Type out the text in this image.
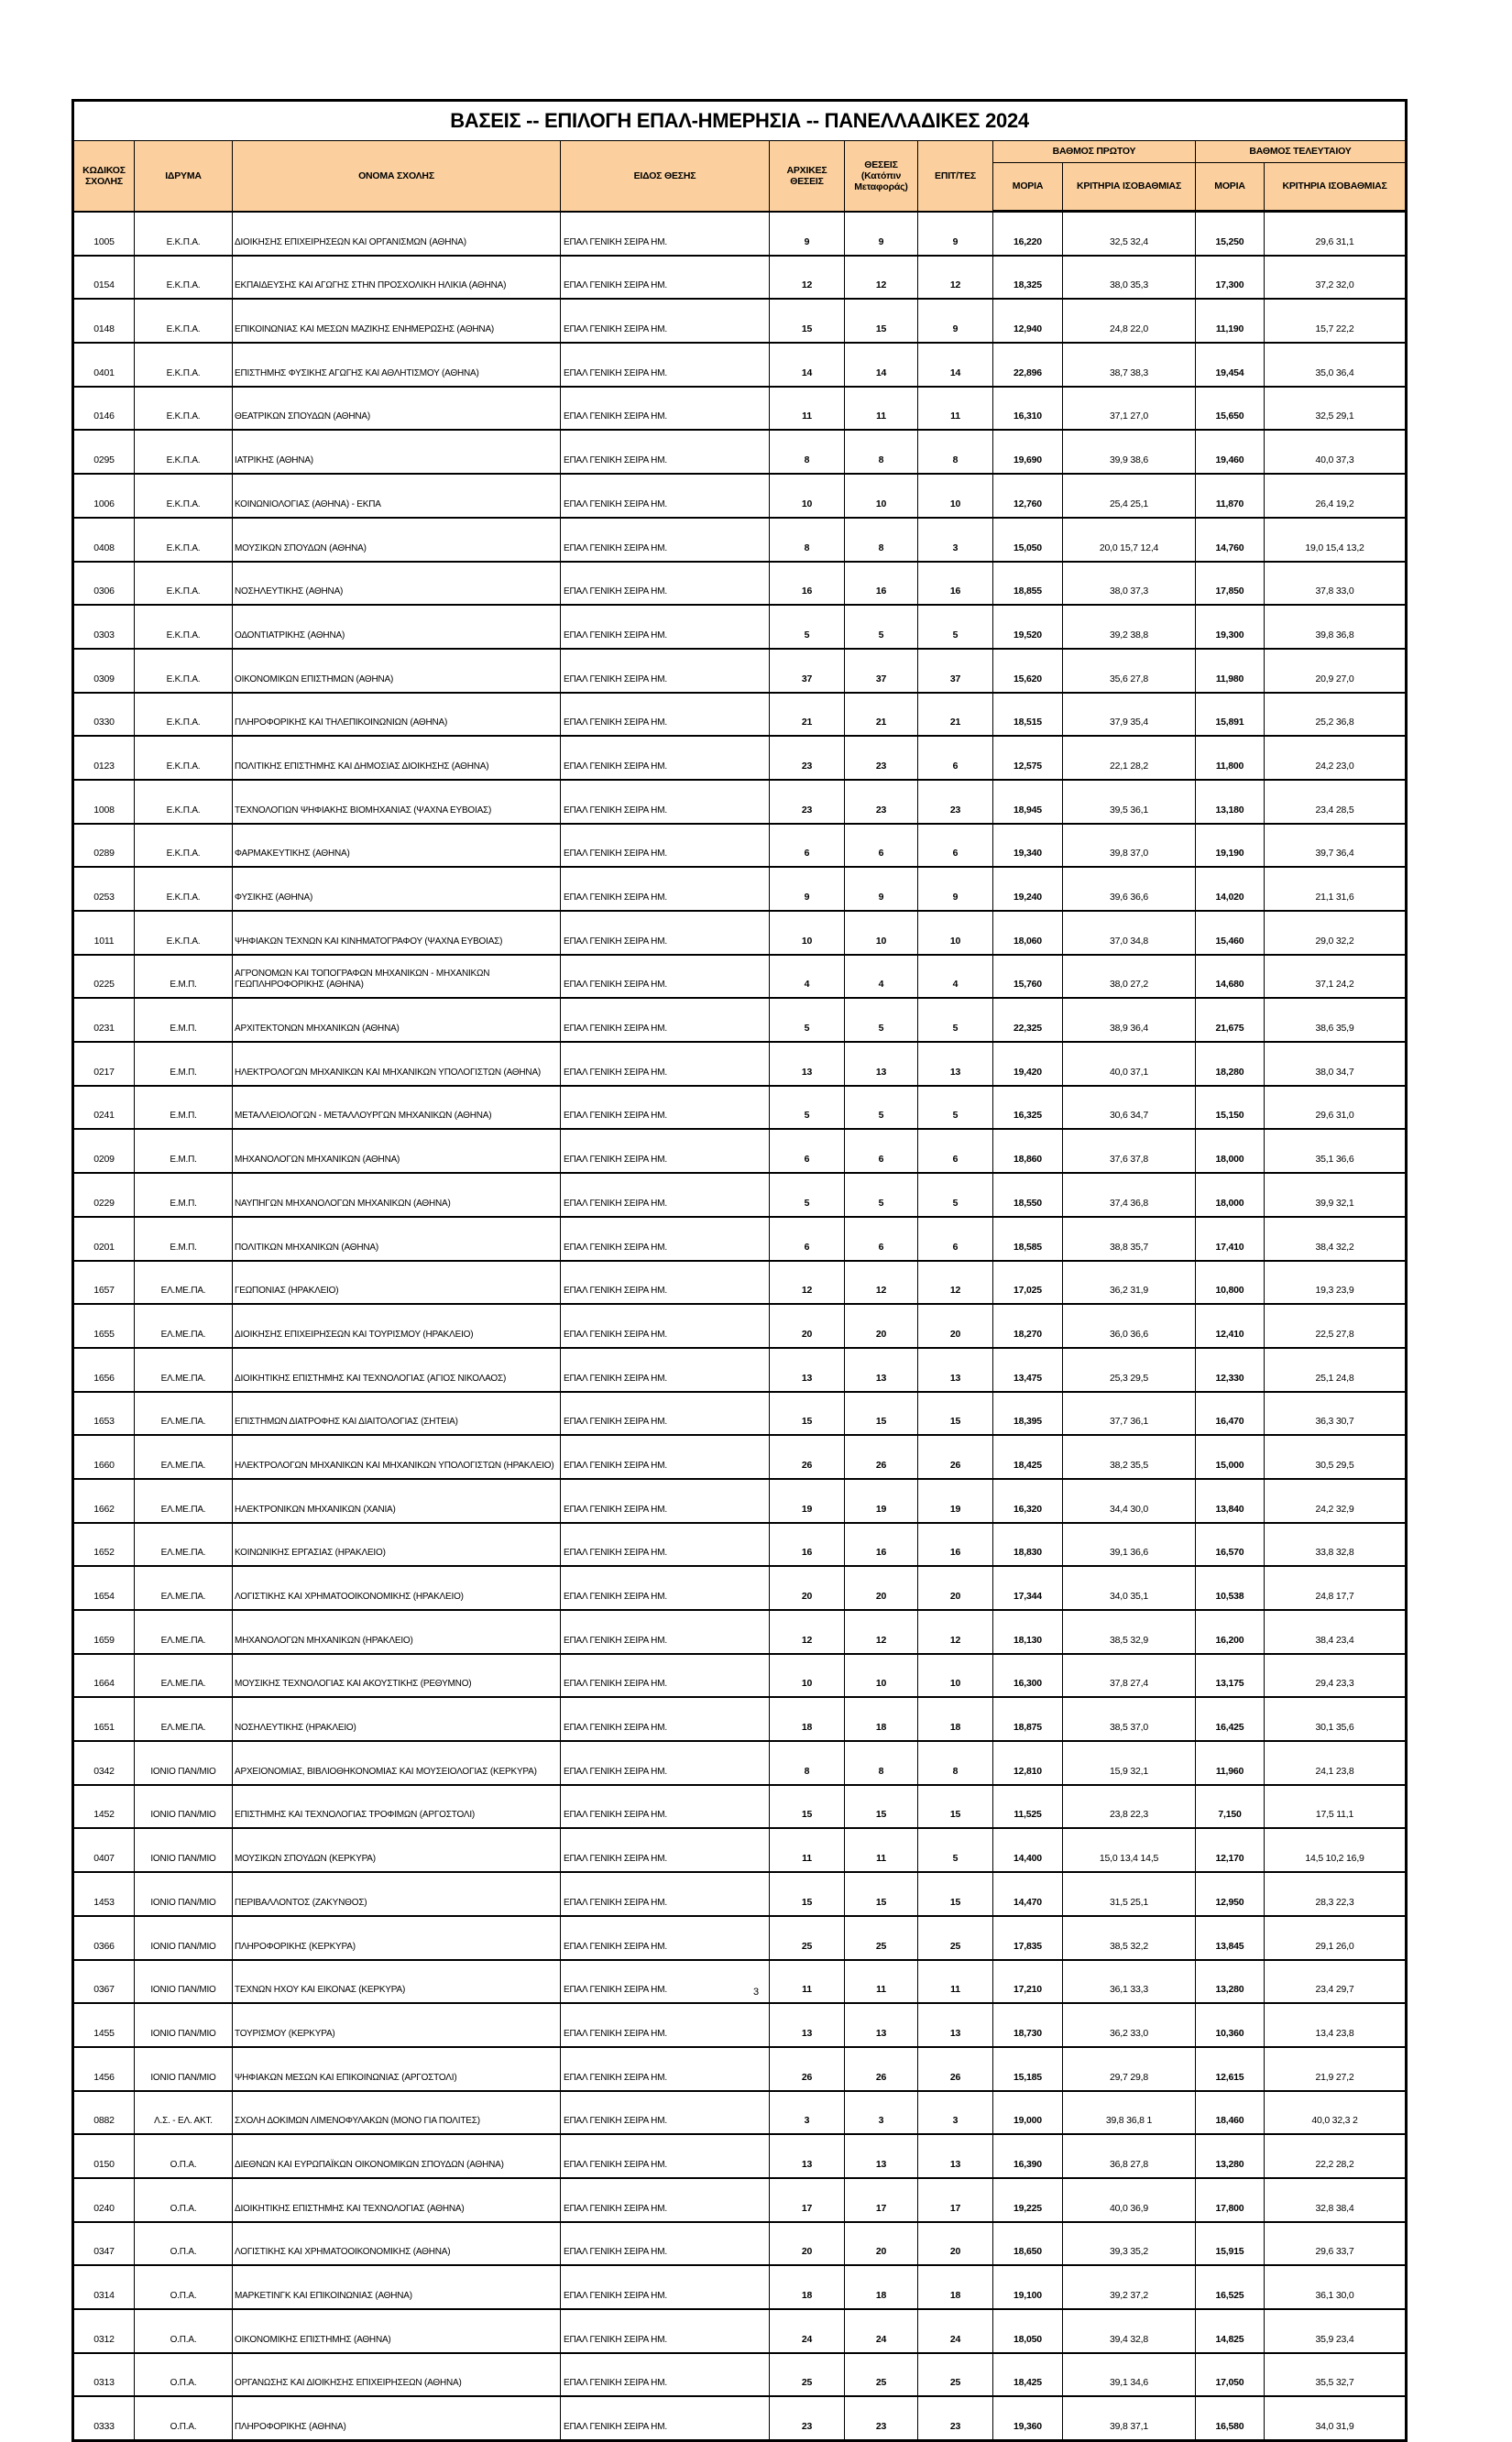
ΒΑΣΕΙΣ -- ΕΠΙΛΟΓΗ ΕΠΑΛ-ΗΜΕΡΗΣΙΑ -- ΠΑΝΕΛΛΑΔΙΚΕΣ 2024										
ΚΩΔΙΚΟΣ ΣΧΟΛΗΣ	ΙΔΡΥΜΑ	ΟΝΟΜΑ ΣΧΟΛΗΣ	ΕΙΔΟΣ ΘΕΣΗΣ	ΑΡΧΙΚΕΣ ΘΕΣΕΙΣ	ΘΕΣΕΙΣ (Κατόπιν Μεταφοράς)	ΕΠΙΤ/ΤΕΣ	ΒΑΘΜΟΣ ΠΡΩΤΟΥ		ΒΑΘΜΟΣ ΤΕΛΕΥΤΑΙΟΥ	
							ΜΟΡΙΑ	ΚΡΙΤΗΡΙΑ ΙΣΟΒΑΘΜΙΑΣ	ΜΟΡΙΑ	ΚΡΙΤΗΡΙΑ ΙΣΟΒΑΘΜΙΑΣ
1005	Ε.Κ.Π.Α.	ΔΙΟΙΚΗΣΗΣ ΕΠΙΧΕΙΡΗΣΕΩΝ ΚΑΙ ΟΡΓΑΝΙΣΜΩΝ (ΑΘΗΝΑ)	ΕΠΑΛ ΓΕΝΙΚΗ ΣΕΙΡΑ ΗΜ.	9	9	9	16,220	32,5 32,4	15,250	29,6 31,1
0154	Ε.Κ.Π.Α.	ΕΚΠΑΙΔΕΥΣΗΣ ΚΑΙ ΑΓΩΓΗΣ ΣΤΗΝ ΠΡΟΣΧΟΛΙΚΗ ΗΛΙΚΙΑ (ΑΘΗΝΑ)	ΕΠΑΛ ΓΕΝΙΚΗ ΣΕΙΡΑ ΗΜ.	12	12	12	18,325	38,0 35,3	17,300	37,2 32,0
0148	Ε.Κ.Π.Α.	ΕΠΙΚΟΙΝΩΝΙΑΣ ΚΑΙ ΜΕΣΩΝ ΜΑΖΙΚΗΣ ΕΝΗΜΕΡΩΣΗΣ (ΑΘΗΝΑ)	ΕΠΑΛ ΓΕΝΙΚΗ ΣΕΙΡΑ ΗΜ.	15	15	9	12,940	24,8 22,0	11,190	15,7 22,2
0401	Ε.Κ.Π.Α.	ΕΠΙΣΤΗΜΗΣ ΦΥΣΙΚΗΣ ΑΓΩΓΗΣ ΚΑΙ ΑΘΛΗΤΙΣΜΟΥ (ΑΘΗΝΑ)	ΕΠΑΛ ΓΕΝΙΚΗ ΣΕΙΡΑ ΗΜ.	14	14	14	22,896	38,7 38,3	19,454	35,0 36,4
0146	Ε.Κ.Π.Α.	ΘΕΑΤΡΙΚΩΝ ΣΠΟΥΔΩΝ (ΑΘΗΝΑ)	ΕΠΑΛ ΓΕΝΙΚΗ ΣΕΙΡΑ ΗΜ.	11	11	11	16,310	37,1 27,0	15,650	32,5 29,1
0295	Ε.Κ.Π.Α.	ΙΑΤΡΙΚΗΣ (ΑΘΗΝΑ)	ΕΠΑΛ ΓΕΝΙΚΗ ΣΕΙΡΑ ΗΜ.	8	8	8	19,690	39,9 38,6	19,460	40,0 37,3
1006	Ε.Κ.Π.Α.	ΚΟΙΝΩΝΙΟΛΟΓΙΑΣ (ΑΘΗΝΑ) - ΕΚΠΑ	ΕΠΑΛ ΓΕΝΙΚΗ ΣΕΙΡΑ ΗΜ.	10	10	10	12,760	25,4 25,1	11,870	26,4 19,2
0408	Ε.Κ.Π.Α.	ΜΟΥΣΙΚΩΝ ΣΠΟΥΔΩΝ (ΑΘΗΝΑ)	ΕΠΑΛ ΓΕΝΙΚΗ ΣΕΙΡΑ ΗΜ.	8	8	3	15,050	20,0 15,7 12,4	14,760	19,0 15,4 13,2
0306	Ε.Κ.Π.Α.	ΝΟΣΗΛΕΥΤΙΚΗΣ (ΑΘΗΝΑ)	ΕΠΑΛ ΓΕΝΙΚΗ ΣΕΙΡΑ ΗΜ.	16	16	16	18,855	38,0 37,3	17,850	37,8 33,0
0303	Ε.Κ.Π.Α.	ΟΔΟΝΤΙΑΤΡΙΚΗΣ (ΑΘΗΝΑ)	ΕΠΑΛ ΓΕΝΙΚΗ ΣΕΙΡΑ ΗΜ.	5	5	5	19,520	39,2 38,8	19,300	39,8 36,8
0309	Ε.Κ.Π.Α.	ΟΙΚΟΝΟΜΙΚΩΝ ΕΠΙΣΤΗΜΩΝ (ΑΘΗΝΑ)	ΕΠΑΛ ΓΕΝΙΚΗ ΣΕΙΡΑ ΗΜ.	37	37	37	15,620	35,6 27,8	11,980	20,9 27,0
0330	Ε.Κ.Π.Α.	ΠΛΗΡΟΦΟΡΙΚΗΣ ΚΑΙ ΤΗΛΕΠΙΚΟΙΝΩΝΙΩΝ (ΑΘΗΝΑ)	ΕΠΑΛ ΓΕΝΙΚΗ ΣΕΙΡΑ ΗΜ.	21	21	21	18,515	37,9 35,4	15,891	25,2 36,8
0123	Ε.Κ.Π.Α.	ΠΟΛΙΤΙΚΗΣ ΕΠΙΣΤΗΜΗΣ ΚΑΙ ΔΗΜΟΣΙΑΣ ΔΙΟΙΚΗΣΗΣ (ΑΘΗΝΑ)	ΕΠΑΛ ΓΕΝΙΚΗ ΣΕΙΡΑ ΗΜ.	23	23	6	12,575	22,1 28,2	11,800	24,2 23,0
1008	Ε.Κ.Π.Α.	ΤΕΧΝΟΛΟΓΙΩΝ ΨΗΦΙΑΚΗΣ ΒΙΟΜΗΧΑΝΙΑΣ (ΨΑΧΝΑ ΕΥΒΟΙΑΣ)	ΕΠΑΛ ΓΕΝΙΚΗ ΣΕΙΡΑ ΗΜ.	23	23	23	18,945	39,5 36,1	13,180	23,4 28,5
0289	Ε.Κ.Π.Α.	ΦΑΡΜΑΚΕΥΤΙΚΗΣ (ΑΘΗΝΑ)	ΕΠΑΛ ΓΕΝΙΚΗ ΣΕΙΡΑ ΗΜ.	6	6	6	19,340	39,8 37,0	19,190	39,7 36,4
0253	Ε.Κ.Π.Α.	ΦΥΣΙΚΗΣ (ΑΘΗΝΑ)	ΕΠΑΛ ΓΕΝΙΚΗ ΣΕΙΡΑ ΗΜ.	9	9	9	19,240	39,6 36,6	14,020	21,1 31,6
1011	Ε.Κ.Π.Α.	ΨΗΦΙΑΚΩΝ ΤΕΧΝΩΝ ΚΑΙ ΚΙΝΗΜΑΤΟΓΡΑΦΟΥ (ΨΑΧΝΑ ΕΥΒΟΙΑΣ)	ΕΠΑΛ ΓΕΝΙΚΗ ΣΕΙΡΑ ΗΜ.	10	10	10	18,060	37,0 34,8	15,460	29,0 32,2
0225	Ε.Μ.Π.	ΑΓΡΟΝΟΜΩΝ ΚΑΙ ΤΟΠΟΓΡΑΦΩΝ ΜΗΧΑΝΙΚΩΝ - ΜΗΧΑΝΙΚΩΝ ΓΕΩΠΛΗΡΟΦΟΡΙΚΗΣ (ΑΘΗΝΑ)	ΕΠΑΛ ΓΕΝΙΚΗ ΣΕΙΡΑ ΗΜ.	4	4	4	15,760	38,0 27,2	14,680	37,1 24,2
0231	Ε.Μ.Π.	ΑΡΧΙΤΕΚΤΟΝΩΝ ΜΗΧΑΝΙΚΩΝ (ΑΘΗΝΑ)	ΕΠΑΛ ΓΕΝΙΚΗ ΣΕΙΡΑ ΗΜ.	5	5	5	22,325	38,9 36,4	21,675	38,6 35,9
0217	Ε.Μ.Π.	ΗΛΕΚΤΡΟΛΟΓΩΝ ΜΗΧΑΝΙΚΩΝ ΚΑΙ ΜΗΧΑΝΙΚΩΝ ΥΠΟΛΟΓΙΣΤΩΝ (ΑΘΗΝΑ)	ΕΠΑΛ ΓΕΝΙΚΗ ΣΕΙΡΑ ΗΜ.	13	13	13	19,420	40,0 37,1	18,280	38,0 34,7
0241	Ε.Μ.Π.	ΜΕΤΑΛΛΕΙΟΛΟΓΩΝ - ΜΕΤΑΛΛΟΥΡΓΩΝ ΜΗΧΑΝΙΚΩΝ (ΑΘΗΝΑ)	ΕΠΑΛ ΓΕΝΙΚΗ ΣΕΙΡΑ ΗΜ.	5	5	5	16,325	30,6 34,7	15,150	29,6 31,0
0209	Ε.Μ.Π.	ΜΗΧΑΝΟΛΟΓΩΝ ΜΗΧΑΝΙΚΩΝ (ΑΘΗΝΑ)	ΕΠΑΛ ΓΕΝΙΚΗ ΣΕΙΡΑ ΗΜ.	6	6	6	18,860	37,6 37,8	18,000	35,1 36,6
0229	Ε.Μ.Π.	ΝΑΥΠΗΓΩΝ ΜΗΧΑΝΟΛΟΓΩΝ ΜΗΧΑΝΙΚΩΝ (ΑΘΗΝΑ)	ΕΠΑΛ ΓΕΝΙΚΗ ΣΕΙΡΑ ΗΜ.	5	5	5	18,550	37,4 36,8	18,000	39,9 32,1
0201	Ε.Μ.Π.	ΠΟΛΙΤΙΚΩΝ ΜΗΧΑΝΙΚΩΝ (ΑΘΗΝΑ)	ΕΠΑΛ ΓΕΝΙΚΗ ΣΕΙΡΑ ΗΜ.	6	6	6	18,585	38,8 35,7	17,410	38,4 32,2
1657	ΕΛ.ΜΕ.ΠΑ.	ΓΕΩΠΟΝΙΑΣ (ΗΡΑΚΛΕΙΟ)	ΕΠΑΛ ΓΕΝΙΚΗ ΣΕΙΡΑ ΗΜ.	12	12	12	17,025	36,2 31,9	10,800	19,3 23,9
1655	ΕΛ.ΜΕ.ΠΑ.	ΔΙΟΙΚΗΣΗΣ ΕΠΙΧΕΙΡΗΣΕΩΝ ΚΑΙ ΤΟΥΡΙΣΜΟΥ (ΗΡΑΚΛΕΙΟ)	ΕΠΑΛ ΓΕΝΙΚΗ ΣΕΙΡΑ ΗΜ.	20	20	20	18,270	36,0 36,6	12,410	22,5 27,8
1656	ΕΛ.ΜΕ.ΠΑ.	ΔΙΟΙΚΗΤΙΚΗΣ ΕΠΙΣΤΗΜΗΣ ΚΑΙ ΤΕΧΝΟΛΟΓΙΑΣ (ΑΓΙΟΣ ΝΙΚΟΛΑΟΣ)	ΕΠΑΛ ΓΕΝΙΚΗ ΣΕΙΡΑ ΗΜ.	13	13	13	13,475	25,3 29,5	12,330	25,1 24,8
1653	ΕΛ.ΜΕ.ΠΑ.	ΕΠΙΣΤΗΜΩΝ ΔΙΑΤΡΟΦΗΣ ΚΑΙ ΔΙΑΙΤΟΛΟΓΙΑΣ (ΣΗΤΕΙΑ)	ΕΠΑΛ ΓΕΝΙΚΗ ΣΕΙΡΑ ΗΜ.	15	15	15	18,395	37,7 36,1	16,470	36,3 30,7
1660	ΕΛ.ΜΕ.ΠΑ.	ΗΛΕΚΤΡΟΛΟΓΩΝ ΜΗΧΑΝΙΚΩΝ ΚΑΙ ΜΗΧΑΝΙΚΩΝ ΥΠΟΛΟΓΙΣΤΩΝ (ΗΡΑΚΛΕΙΟ)	ΕΠΑΛ ΓΕΝΙΚΗ ΣΕΙΡΑ ΗΜ.	26	26	26	18,425	38,2 35,5	15,000	30,5 29,5
1662	ΕΛ.ΜΕ.ΠΑ.	ΗΛΕΚΤΡΟΝΙΚΩΝ ΜΗΧΑΝΙΚΩΝ (ΧΑΝΙΑ)	ΕΠΑΛ ΓΕΝΙΚΗ ΣΕΙΡΑ ΗΜ.	19	19	19	16,320	34,4 30,0	13,840	24,2 32,9
1652	ΕΛ.ΜΕ.ΠΑ.	ΚΟΙΝΩΝΙΚΗΣ ΕΡΓΑΣΙΑΣ (ΗΡΑΚΛΕΙΟ)	ΕΠΑΛ ΓΕΝΙΚΗ ΣΕΙΡΑ ΗΜ.	16	16	16	18,830	39,1 36,6	16,570	33,8 32,8
1654	ΕΛ.ΜΕ.ΠΑ.	ΛΟΓΙΣΤΙΚΗΣ ΚΑΙ ΧΡΗΜΑΤΟΟΙΚΟΝΟΜΙΚΗΣ (ΗΡΑΚΛΕΙΟ)	ΕΠΑΛ ΓΕΝΙΚΗ ΣΕΙΡΑ ΗΜ.	20	20	20	17,344	34,0 35,1	10,538	24,8 17,7
1659	ΕΛ.ΜΕ.ΠΑ.	ΜΗΧΑΝΟΛΟΓΩΝ ΜΗΧΑΝΙΚΩΝ (ΗΡΑΚΛΕΙΟ)	ΕΠΑΛ ΓΕΝΙΚΗ ΣΕΙΡΑ ΗΜ.	12	12	12	18,130	38,5 32,9	16,200	38,4 23,4
1664	ΕΛ.ΜΕ.ΠΑ.	ΜΟΥΣΙΚΗΣ ΤΕΧΝΟΛΟΓΙΑΣ ΚΑΙ ΑΚΟΥΣΤΙΚΗΣ (ΡΕΘΥΜΝΟ)	ΕΠΑΛ ΓΕΝΙΚΗ ΣΕΙΡΑ ΗΜ.	10	10	10	16,300	37,8 27,4	13,175	29,4 23,3
1651	ΕΛ.ΜΕ.ΠΑ.	ΝΟΣΗΛΕΥΤΙΚΗΣ (ΗΡΑΚΛΕΙΟ)	ΕΠΑΛ ΓΕΝΙΚΗ ΣΕΙΡΑ ΗΜ.	18	18	18	18,875	38,5 37,0	16,425	30,1 35,6
0342	ΙΟΝΙΟ ΠΑΝ/ΜΙΟ	ΑΡΧΕΙΟΝΟΜΙΑΣ, ΒΙΒΛΙΟΘΗΚΟΝΟΜΙΑΣ ΚΑΙ ΜΟΥΣΕΙΟΛΟΓΙΑΣ (ΚΕΡΚΥΡΑ)	ΕΠΑΛ ΓΕΝΙΚΗ ΣΕΙΡΑ ΗΜ.	8	8	8	12,810	15,9 32,1	11,960	24,1 23,8
1452	ΙΟΝΙΟ ΠΑΝ/ΜΙΟ	ΕΠΙΣΤΗΜΗΣ ΚΑΙ ΤΕΧΝΟΛΟΓΙΑΣ ΤΡΟΦΙΜΩΝ (ΑΡΓΟΣΤΟΛΙ)	ΕΠΑΛ ΓΕΝΙΚΗ ΣΕΙΡΑ ΗΜ.	15	15	15	11,525	23,8 22,3	7,150	17,5 11,1
0407	ΙΟΝΙΟ ΠΑΝ/ΜΙΟ	ΜΟΥΣΙΚΩΝ ΣΠΟΥΔΩΝ (ΚΕΡΚΥΡΑ)	ΕΠΑΛ ΓΕΝΙΚΗ ΣΕΙΡΑ ΗΜ.	11	11	5	14,400	15,0 13,4 14,5	12,170	14,5 10,2 16,9
1453	ΙΟΝΙΟ ΠΑΝ/ΜΙΟ	ΠΕΡΙΒΑΛΛΟΝΤΟΣ (ΖΑΚΥΝΘΟΣ)	ΕΠΑΛ ΓΕΝΙΚΗ ΣΕΙΡΑ ΗΜ.	15	15	15	14,470	31,5 25,1	12,950	28,3 22,3
0366	ΙΟΝΙΟ ΠΑΝ/ΜΙΟ	ΠΛΗΡΟΦΟΡΙΚΗΣ (ΚΕΡΚΥΡΑ)	ΕΠΑΛ ΓΕΝΙΚΗ ΣΕΙΡΑ ΗΜ.	25	25	25	17,835	38,5 32,2	13,845	29,1 26,0
0367	ΙΟΝΙΟ ΠΑΝ/ΜΙΟ	ΤΕΧΝΩΝ ΗΧΟΥ ΚΑΙ ΕΙΚΟΝΑΣ (ΚΕΡΚΥΡΑ)	ΕΠΑΛ ΓΕΝΙΚΗ ΣΕΙΡΑ ΗΜ.	11	11	11	17,210	36,1 33,3	13,280	23,4 29,7
1455	ΙΟΝΙΟ ΠΑΝ/ΜΙΟ	ΤΟΥΡΙΣΜΟΥ (ΚΕΡΚΥΡΑ)	ΕΠΑΛ ΓΕΝΙΚΗ ΣΕΙΡΑ ΗΜ.	13	13	13	18,730	36,2 33,0	10,360	13,4 23,8
1456	ΙΟΝΙΟ ΠΑΝ/ΜΙΟ	ΨΗΦΙΑΚΩΝ ΜΕΣΩΝ ΚΑΙ ΕΠΙΚΟΙΝΩΝΙΑΣ (ΑΡΓΟΣΤΟΛΙ)	ΕΠΑΛ ΓΕΝΙΚΗ ΣΕΙΡΑ ΗΜ.	26	26	26	15,185	29,7 29,8	12,615	21,9 27,2
0882	Λ.Σ. - ΕΛ. ΑΚΤ.	ΣΧΟΛΗ ΔΟΚΙΜΩΝ ΛΙΜΕΝΟΦΥΛΑΚΩΝ (ΜΟΝΟ ΓΙΑ ΠΟΛΙΤΕΣ)	ΕΠΑΛ ΓΕΝΙΚΗ ΣΕΙΡΑ ΗΜ.	3	3	3	19,000	39,8 36,8 1	18,460	40,0 32,3 2
0150	Ο.Π.Α.	ΔΙΕΘΝΩΝ ΚΑΙ ΕΥΡΩΠΑΪΚΩΝ ΟΙΚΟΝΟΜΙΚΩΝ ΣΠΟΥΔΩΝ (ΑΘΗΝΑ)	ΕΠΑΛ ΓΕΝΙΚΗ ΣΕΙΡΑ ΗΜ.	13	13	13	16,390	36,8 27,8	13,280	22,2 28,2
0240	Ο.Π.Α.	ΔΙΟΙΚΗΤΙΚΗΣ ΕΠΙΣΤΗΜΗΣ ΚΑΙ ΤΕΧΝΟΛΟΓΙΑΣ (ΑΘΗΝΑ)	ΕΠΑΛ ΓΕΝΙΚΗ ΣΕΙΡΑ ΗΜ.	17	17	17	19,225	40,0 36,9	17,800	32,8 38,4
0347	Ο.Π.Α.	ΛΟΓΙΣΤΙΚΗΣ ΚΑΙ ΧΡΗΜΑΤΟΟΙΚΟΝΟΜΙΚΗΣ (ΑΘΗΝΑ)	ΕΠΑΛ ΓΕΝΙΚΗ ΣΕΙΡΑ ΗΜ.	20	20	20	18,650	39,3 35,2	15,915	29,6 33,7
0314	Ο.Π.Α.	ΜΑΡΚΕΤΙΝΓΚ ΚΑΙ ΕΠΙΚΟΙΝΩΝΙΑΣ (ΑΘΗΝΑ)	ΕΠΑΛ ΓΕΝΙΚΗ ΣΕΙΡΑ ΗΜ.	18	18	18	19,100	39,2 37,2	16,525	36,1 30,0
0312	Ο.Π.Α.	ΟΙΚΟΝΟΜΙΚΗΣ ΕΠΙΣΤΗΜΗΣ (ΑΘΗΝΑ)	ΕΠΑΛ ΓΕΝΙΚΗ ΣΕΙΡΑ ΗΜ.	24	24	24	18,050	39,4 32,8	14,825	35,9 23,4
0313	Ο.Π.Α.	ΟΡΓΑΝΩΣΗΣ ΚΑΙ ΔΙΟΙΚΗΣΗΣ ΕΠΙΧΕΙΡΗΣΕΩΝ (ΑΘΗΝΑ)	ΕΠΑΛ ΓΕΝΙΚΗ ΣΕΙΡΑ ΗΜ.	25	25	25	18,425	39,1 34,6	17,050	35,5 32,7
0333	Ο.Π.Α.	ΠΛΗΡΟΦΟΡΙΚΗΣ (ΑΘΗΝΑ)	ΕΠΑΛ ΓΕΝΙΚΗ ΣΕΙΡΑ ΗΜ.	23	23	23	19,360	39,8 37,1	16,580	34,0 31,9
3
